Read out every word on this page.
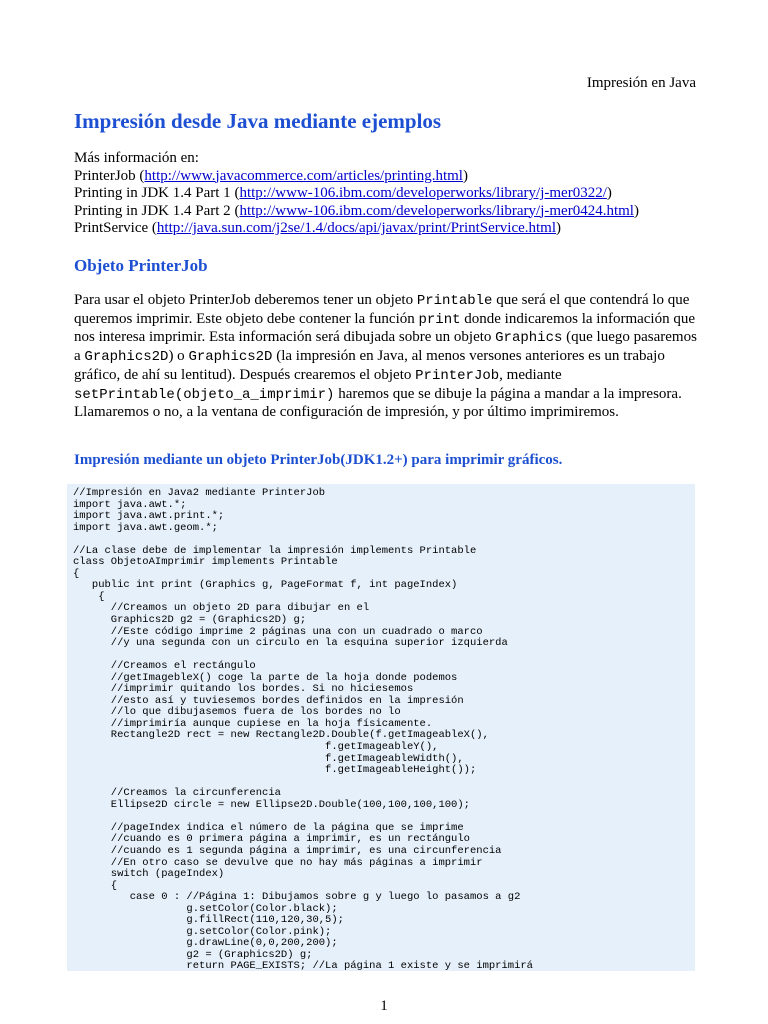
Impresión en Java
Impresión desde Java mediante ejemplos
Más información en:
PrinterJob (http://www.javacommerce.com/articles/printing.html)
Printing in JDK 1.4 Part 1 (http://www-106.ibm.com/developerworks/library/j-mer0322/)
Printing in JDK 1.4 Part 2 (http://www-106.ibm.com/developerworks/library/j-mer0424.html)
PrintService (http://java.sun.com/j2se/1.4/docs/api/javax/print/PrintService.html)
Objeto PrinterJob

Para usar el objeto PrinterJob deberemos tener un objeto Printable que será el que contendrá lo que queremos imprimir. Este objeto debe contener la función print donde indicaremos la información que nos interesa imprimir. Esta información será dibujada sobre un objeto Graphics (que luego pasaremos a Graphics2D) o Graphics2D (la impresión en Java, al menos versones anteriores es un trabajo gráfico, de ahí su lentitud). Después crearemos el objeto PrinterJob, mediante setPrintable(objeto_a_imprimir) haremos que se dibuje la página a mandar a la impresora. Llamaremos o no, a la ventana de configuración de impresión, y por último imprimiremos.

Impresión mediante un objeto PrinterJob(JDK1.2+) para imprimir gráficos.
//Impresión en Java2 mediante PrinterJob
import java.awt.*;
import java.awt.print.*;
import java.awt.geom.*;
//La clase debe de implementar la impresión implements Printable
class ObjetoAImprimir implements Printable
{
public int print (Graphics g, PageFormat f, int pageIndex)
{
//Creamos un objeto 2D para dibujar en el
Graphics2D g2 = (Graphics2D) g;
//Este código imprime 2 páginas una con un cuadrado o marco
//y una segunda con un circulo en la esquina superior izquierda
//Creamos el rectángulo
//getImagebleX() coge la parte de la hoja donde podemos
//imprimir quitando los bordes. Si no hiciesemos
//esto así y tuviesemos bordes definidos en la impresión
//lo que dibujasemos fuera de los bordes no lo
//imprimiría aunque cupiese en la hoja físicamente.
Rectangle2D rect = new Rectangle2D.Double(f.getImageableX(),
f.getImageableY(),
f.getImageableWidth(),
f.getImageableHeight());
//Creamos la circunferencia
Ellipse2D circle = new Ellipse2D.Double(100,100,100,100);
//pageIndex indica el número de la página que se imprime
//cuando es 0 primera página a imprimir, es un rectángulo
//cuando es 1 segunda página a imprimir, es una circunferencia
//En otro caso se devulve que no hay más páginas a imprimir
switch (pageIndex)
{
case 0 : //Página 1: Dibujamos sobre g y luego lo pasamos a g2
g.setColor(Color.black);
g.fillRect(110,120,30,5);
g.setColor(Color.pink);
g.drawLine(0,0,200,200);
g2 = (Graphics2D) g;
return PAGE_EXISTS; //La página 1 existe y se imprimirá
1
